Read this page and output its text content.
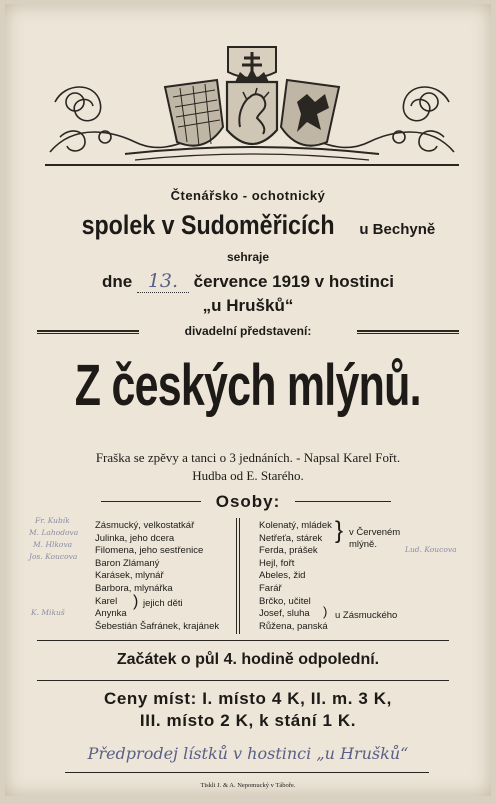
Čtenářsko - ochotnický
spolek v Sudoměřicích u Bechyně
sehraje
dne 13. července 1919 v hostinci
„u Hrušků“
divadelní představení:
Z českých mlýnů.
Fraška se zpěvy a tanci o 3 jednáních. - Napsal Karel Fořt.
Hudba od E. Starého.
Osoby:
Fr. Kubík
M. Lahodova
M. Hlkova
Jos. Koucova
K. Mikuš
Zásmucký, velkostatkář
Julinka, jeho dcera
Filomena, jeho sestřenice
Baron Zlámaný
Karásek, mlynář
Barbora, mlynářka
Karel
Anynka
Šebestián Šafránek, krajánek
) jejich děti
Kolenatý, mládek
Netřeťa, stárek
Ferda, prášek
Hejl, fořt
Abeles, žid
Farář
Brčko, učitel
Josef, sluha
Růžena, panská
} v Červeném mlýně.
) u Zásmuckého
Lud. Koucova
Začátek o půl 4. hodině odpolední.
Ceny míst: I. místo 4 K, II. m. 3 K,
III. místo 2 K, k stání 1 K.
Předprodej lístků v hostinci „u Hrušků“
Tiskli J. & A. Nepomucký v Táboře.
